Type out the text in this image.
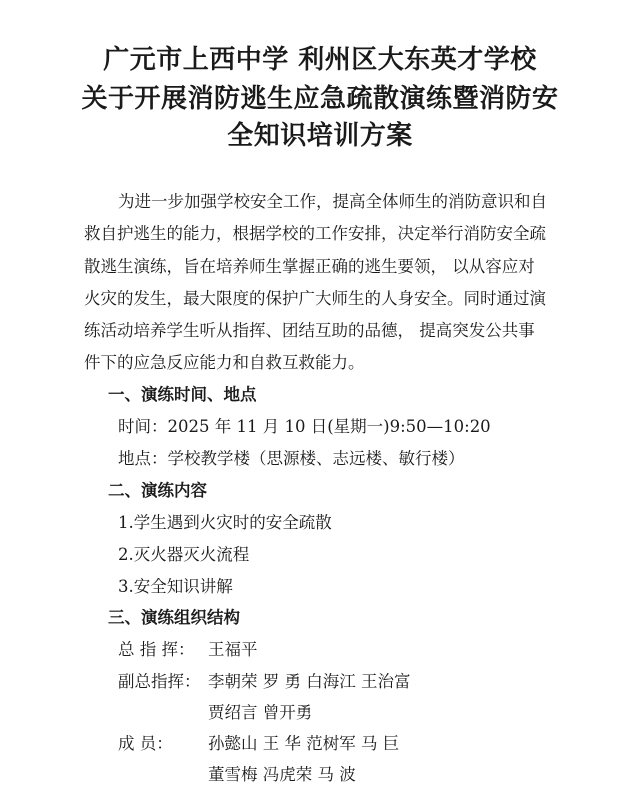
广元市上西中学 利州区大东英才学校
关于开展消防逃生应急疏散演练暨消防安
全知识培训方案
为进一步加强学校安全工作，提高全体师生的消防意识和自
救自护逃生的能力，根据学校的工作安排，决定举行消防安全疏
散逃生演练，旨在培养师生掌握正确的逃生要领， 以从容应对
火灾的发生，最大限度的保护广大师生的人身安全。同时通过演
练活动培养学生听从指挥、团结互助的品德， 提高突发公共事
件下的应急反应能力和自救互救能力。
一、演练时间、地点
时间：2025 年 11 月 10 日(星期一)9:50—10:20
地点：学校教学楼（思源楼、志远楼、敏行楼）
二、演练内容
1.学生遇到火灾时的安全疏散
2.灭火器灭火流程
3.安全知识讲解
三、演练组织结构
总 指 挥： 王福平
副总指挥： 李朝荣 罗 勇 白海江 王治富
贾绍言 曾开勇
成 员： 孙懿山 王 华 范树军 马 巨
董雪梅 冯虎荣 马 波
